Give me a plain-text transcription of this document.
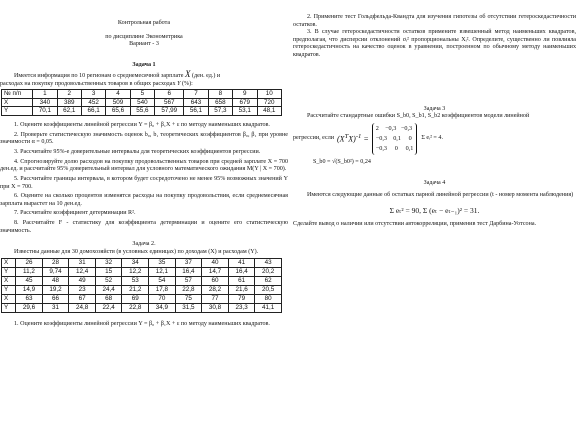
Контрольная работа

по дисциплине Эконометрика

Вариант - 3

Задача 1

Имеется информация по 10 регионам о среднемесячной зарплате X (ден. ед.) и

расходах на покупку продовольственных товаров в общих расходах Y (%):

№ п/п	1	2	3	4	5	6	7	8	9	10
X	340	389	452	509	540	567	643	658	679	720
Y	70,1	62,1	66,1	65,6	55,6	57,99	56,1	57,3	53,1	48,1

1. Оцените коэффициенты линейной регрессии Y = β₀ + β₁X + ε по методу наименьших квадратов.

2. Проверьте статистическую значимость оценок b₀, b₁ теоретических коэффициентов β₀, β₁ при уровне значимости α = 0,05.

3. Рассчитайте 95%-е доверительные интервалы для теоретических коэффициентов регрессии.

4. Спрогнозируйте долю расходов на покупку продовольственных товаров при средней зарплате X = 700 ден.ед. и рассчитайте 95% доверительный интервал для условного математического ожидания M(Y | X = 700).

5. Рассчитайте границы интервала, в котором будет сосредоточено не менее 95% возможных значений Y при X = 700.

6. Оцените на сколько процентов изменятся расходы на покупку продовольствия, если среднемесячная зарплата вырастет на 10 ден.ед.

7. Рассчитайте коэффициент детерминации R².

8. Рассчитайте F - статистику для коэффициента детерминации и оцените его статистическую значимость.

Задача 2.

Известны данные для 30 домохозяйств (в условных единицах) по доходам (X) и расходам (Y).

X	26	28	31	32	34	35	37	40	41	43
Y	11,2	9,74	12,4	15	12,2	12,1	16,4	14,7	16,4	20,2
X	45	48	49	52	53	54	57	60	61	62
Y	14,9	19,2	23	24,4	21,2	17,8	22,8	28,2	21,6	20,5
X	63	66	67	68	69	70	75	77	79	80
Y	29,6	31	24,8	22,4	22,8	34,9	31,5	30,8	23,3	41,1

1. Оцените коэффициенты линейной регрессии Y = β₀ + β₁X + ε по методу наименьших квадратов.

2. Примените тест Гольдфельда-Квандта для изучения гипотезы об отсутствии гетероскедастичности остатков.

3. В случае гетероскедастичности остатков примените взвешенный метод наименьших квадратов, предполагая, что дисперсии отклонений σᵢ² пропорциональны Xᵢ². Определите, существенно ли повлияла гетероскедастичность на качество оценок в уравнении, построенном по обычному методу наименьших квадратов.

Задача 3

Рассчитайте стандартные ошибки S_b0, S_b1, S_b2 коэффициентов модели линейной

регрессии, если $(X^TX)^{-1}$ =
2    −0,3   −0,3
−0,3    0,1     0
−0,3     0     0,1
Σ eᵢ² = 4.

S_b0 = √(S_b0²) = 0,24

Задача 4

Имеются следующие данные об остатках парной линейной регрессии (t - номер момента наблюдения)

Σ eₜ² = 90, Σ (eₜ − eₜ₋₁)² = 31.

Сделайте вывод о наличии или отсутствии автокорреляции, применив тест Дарбина-Уотсона.
